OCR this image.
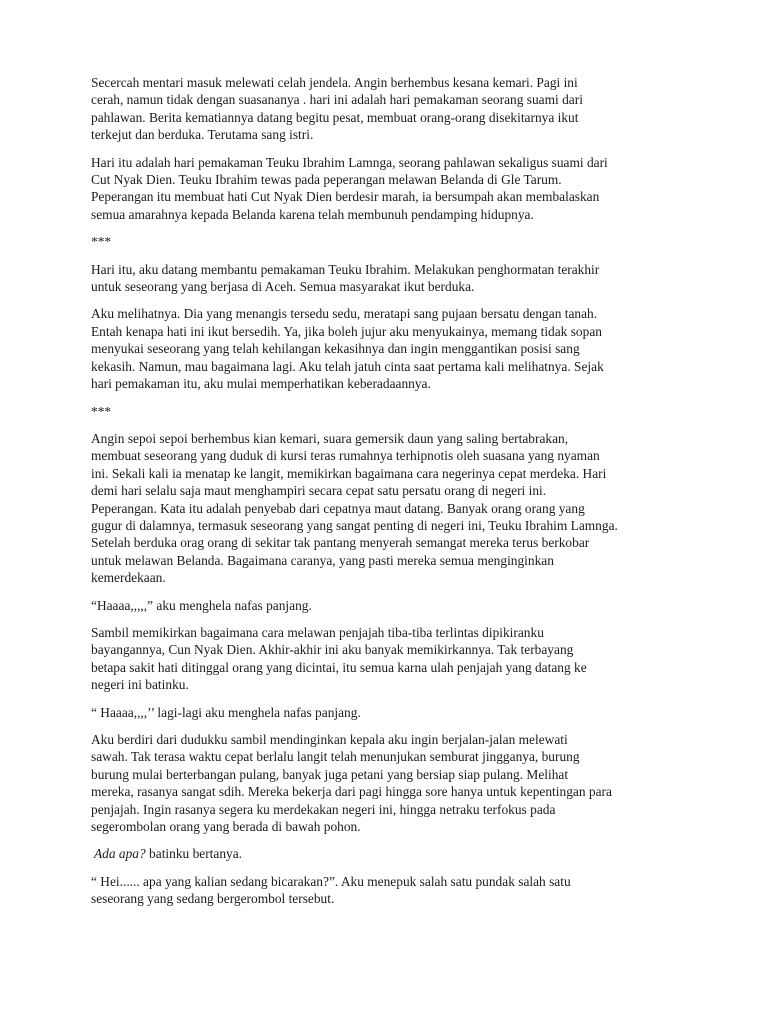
Secercah mentari masuk melewati celah jendela. Angin berhembus kesana kemari. Pagi ini
cerah, namun tidak dengan suasananya . hari ini adalah hari pemakaman seorang suami dari
pahlawan. Berita kematiannya datang begitu pesat, membuat orang-orang disekitarnya ikut
terkejut dan berduka. Terutama sang istri.

Hari itu adalah hari pemakaman Teuku Ibrahim Lamnga, seorang pahlawan sekaligus suami dari
Cut Nyak Dien. Teuku Ibrahim tewas pada peperangan melawan Belanda di Gle Tarum.
Peperangan itu membuat hati Cut Nyak Dien berdesir marah, ia bersumpah akan membalaskan
semua amarahnya kepada Belanda karena telah membunuh pendamping hidupnya.

***

Hari itu, aku datang membantu pemakaman Teuku Ibrahim. Melakukan penghormatan terakhir
untuk seseorang yang berjasa di Aceh. Semua masyarakat ikut berduka.

Aku melihatnya. Dia yang menangis tersedu sedu, meratapi sang pujaan bersatu dengan tanah.
Entah kenapa hati ini ikut bersedih. Ya, jika boleh jujur aku menyukainya, memang tidak sopan
menyukai seseorang yang telah kehilangan kekasihnya dan ingin menggantikan posisi sang
kekasih. Namun, mau bagaimana lagi. Aku telah jatuh cinta saat pertama kali melihatnya. Sejak
hari pemakaman itu, aku mulai memperhatikan keberadaannya.

***

Angin sepoi sepoi berhembus kian kemari, suara gemersik daun yang saling bertabrakan,
membuat seseorang yang duduk di kursi teras rumahnya terhipnotis oleh suasana yang nyaman
ini. Sekali kali ia menatap ke langit, memikirkan bagaimana cara negerinya cepat merdeka. Hari
demi hari selalu saja maut menghampiri secara cepat satu persatu orang di negeri ini.
Peperangan. Kata itu adalah penyebab dari cepatnya maut datang. Banyak orang orang yang
gugur di dalamnya, termasuk seseorang yang sangat penting di negeri ini, Teuku Ibrahim Lamnga.
Setelah berduka orag orang di sekitar tak pantang menyerah semangat mereka terus berkobar
untuk melawan Belanda. Bagaimana caranya, yang pasti mereka semua menginginkan
kemerdekaan.

“Haaaa,,,,,” aku menghela nafas panjang.

Sambil memikirkan bagaimana cara melawan penjajah tiba-tiba terlintas dipikiranku
bayangannya, Cun Nyak Dien. Akhir-akhir ini aku banyak memikirkannya. Tak terbayang
betapa sakit hati ditinggal orang yang dicintai, itu semua karna ulah penjajah yang datang ke
negeri ini batinku.

“ Haaaa,,,,’’ lagi-lagi aku menghela nafas panjang.

Aku berdiri dari dudukku sambil mendinginkan kepala aku ingin berjalan-jalan melewati
sawah. Tak terasa waktu cepat berlalu langit telah menunjukan semburat jingganya, burung
burung mulai berterbangan pulang, banyak juga petani yang bersiap siap pulang. Melihat
mereka, rasanya sangat sdih. Mereka bekerja dari pagi hingga sore hanya untuk kepentingan para
penjajah. Ingin rasanya segera ku merdekakan negeri ini, hingga netraku terfokus pada
segerombolan orang yang berada di bawah pohon.

Ada apa? batinku bertanya.

“ Hei...... apa yang kalian sedang bicarakan?”. Aku menepuk salah satu pundak salah satu
seseorang yang sedang bergerombol tersebut.
